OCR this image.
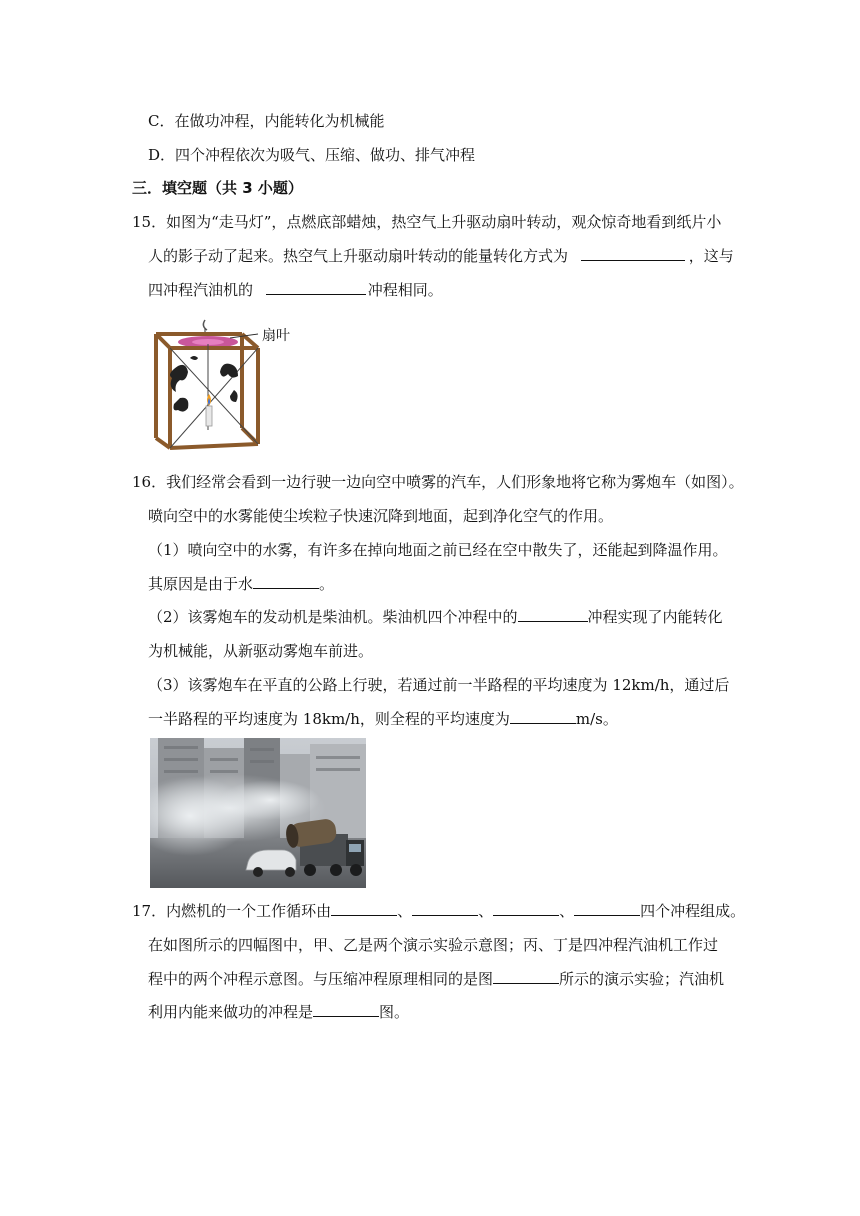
C．在做功冲程，内能转化为机械能
D．四个冲程依次为吸气、压缩、做功、排气冲程
三．填空题（共 3 小题）
15．如图为“走马灯”，点燃底部蜡烛，热空气上升驱动扇叶转动，观众惊奇地看到纸片小
人的影子动了起来。热空气上升驱动扇叶转动的能量转化方式为	，这与
四冲程汽油机的	冲程相同。
扇叶
16．我们经常会看到一边行驶一边向空中喷雾的汽车，人们形象地将它称为雾炮车（如图）。
喷向空中的水雾能使尘埃粒子快速沉降到地面，起到净化空气的作用。
（1）喷向空中的水雾，有许多在掉向地面之前已经在空中散失了，还能起到降温作用。
其原因是由于水	。
（2）该雾炮车的发动机是柴油机。柴油机四个冲程中的	冲程实现了内能转化
为机械能，从新驱动雾炮车前进。
（3）该雾炮车在平直的公路上行驶，若通过前一半路程的平均速度为 12km/h，通过后
一半路程的平均速度为 18km/h，则全程的平均速度为	m/s。
17．内燃机的一个工作循环由	、	、	、	四个冲程组成。
在如图所示的四幅图中，甲、乙是两个演示实验示意图；丙、丁是四冲程汽油机工作过
程中的两个冲程示意图。与压缩冲程原理相同的是图	所示的演示实验；汽油机
利用内能来做功的冲程是	图。
